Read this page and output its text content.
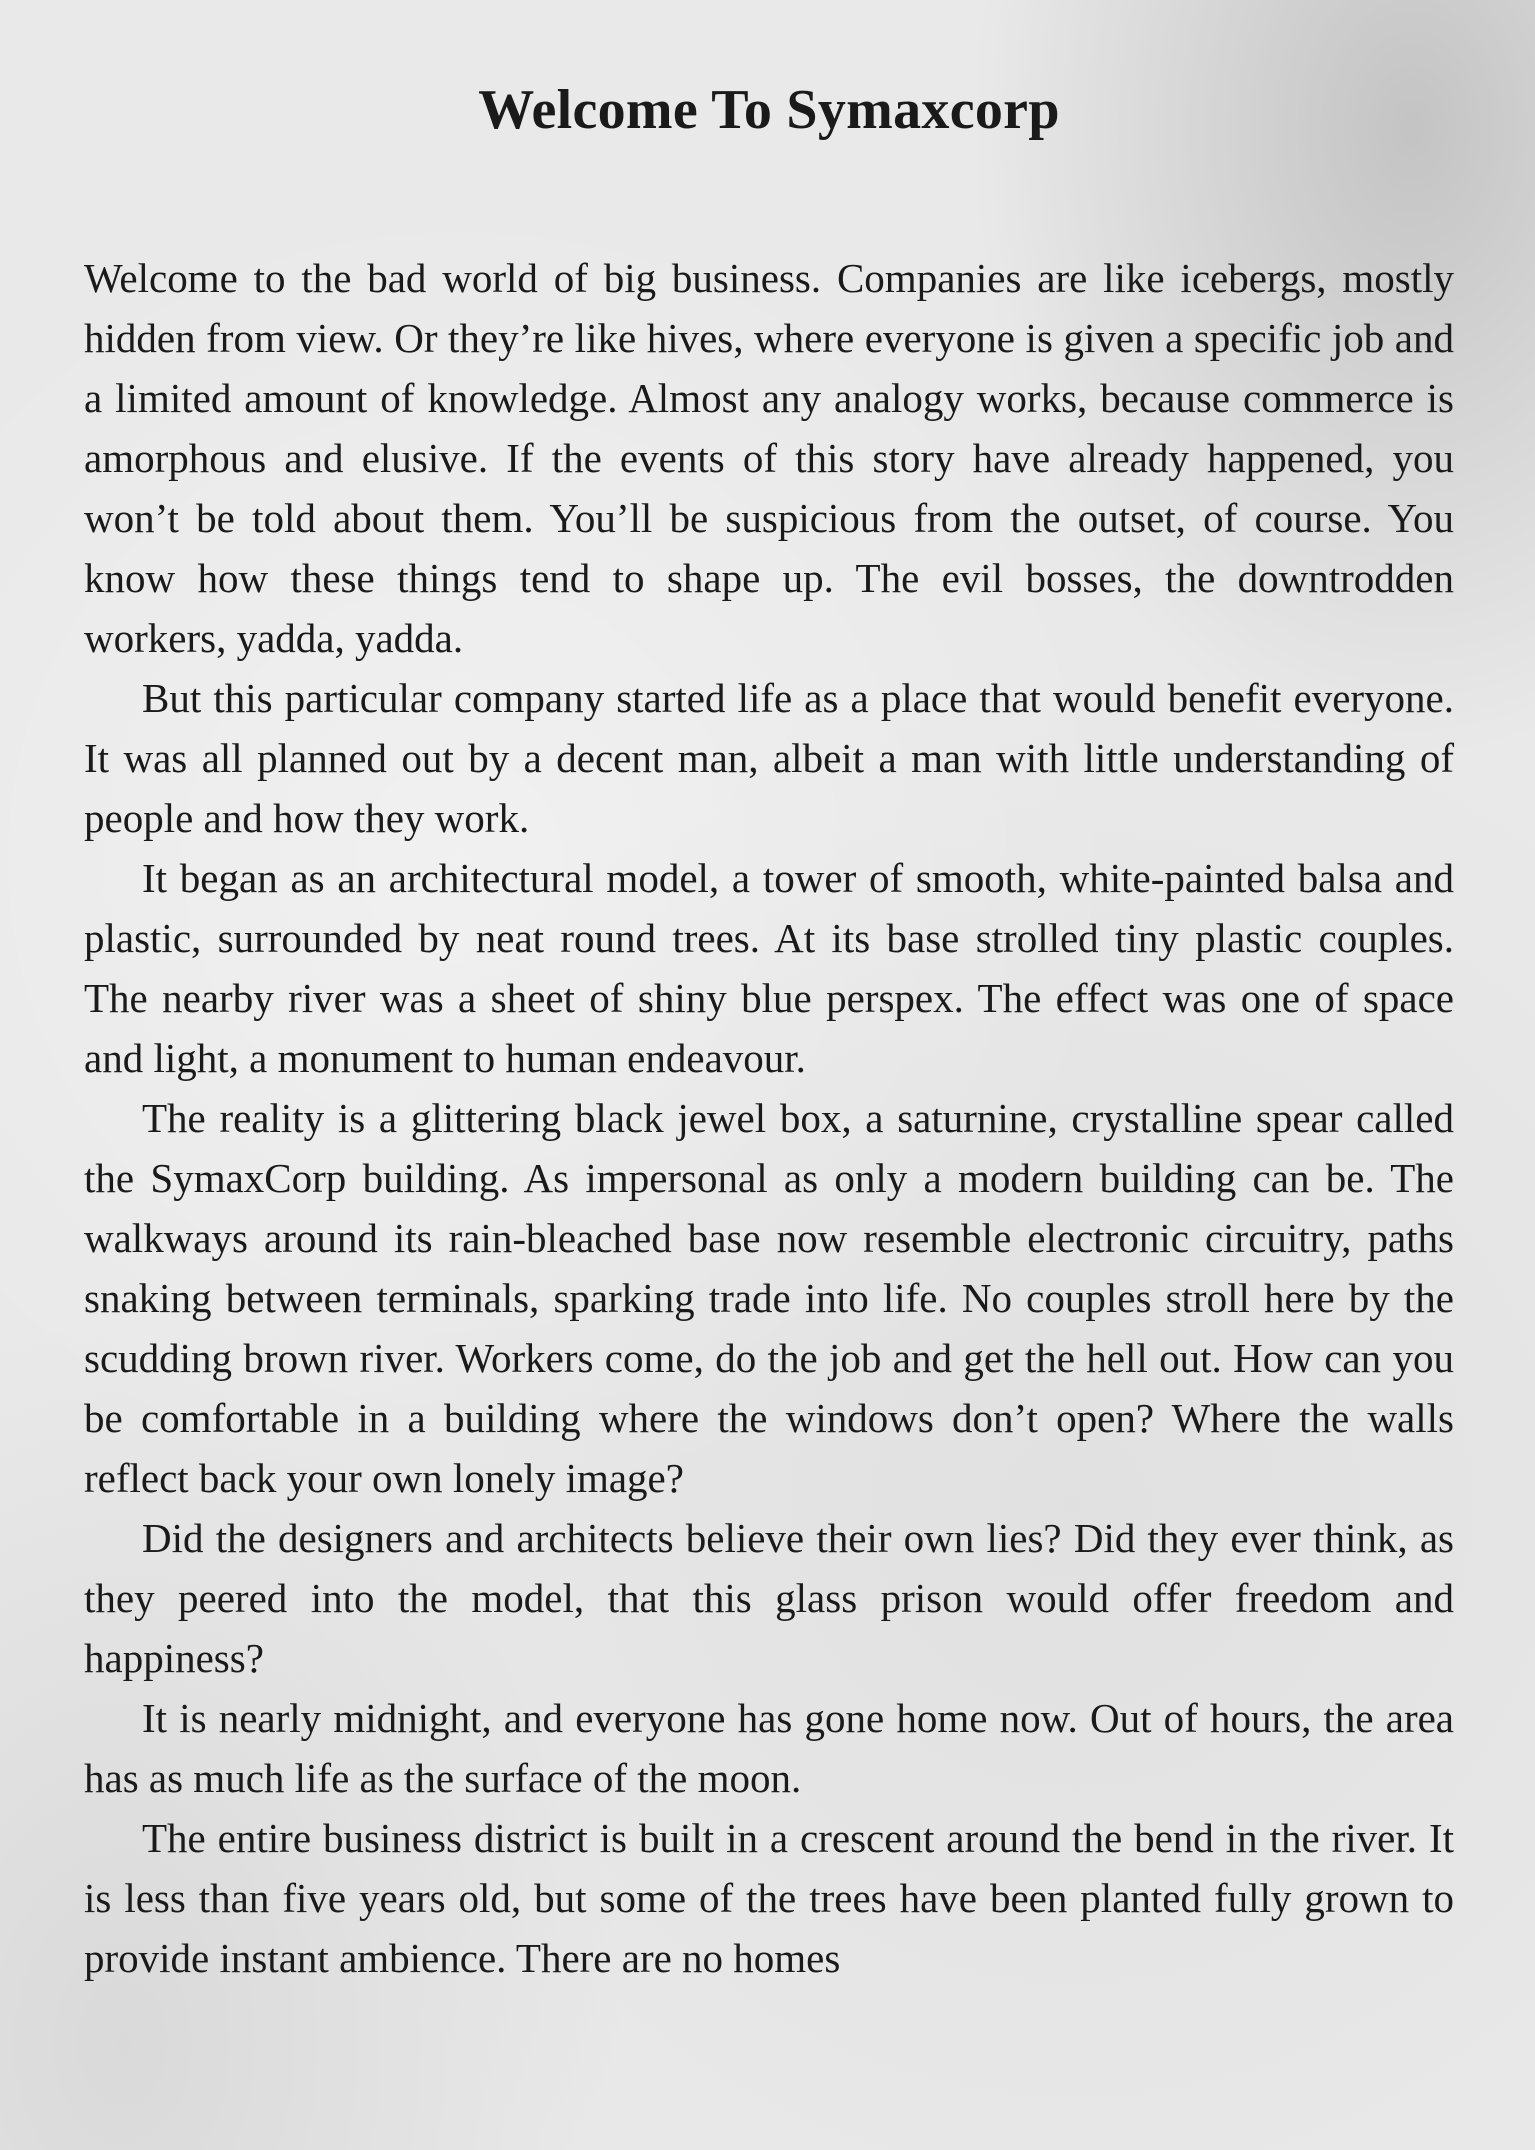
Welcome To Symaxcorp

Welcome to the bad world of big business. Companies are like icebergs, mostly hidden from view. Or they’re like hives, where everyone is given a specific job and a limited amount of knowledge. Almost any analogy works, because commerce is amorphous and elusive. If the events of this story have already happened, you won’t be told about them. You’ll be suspicious from the outset, of course. You know how these things tend to shape up. The evil bosses, the downtrodden workers, yadda, yadda.

But this particular company started life as a place that would benefit everyone. It was all planned out by a decent man, albeit a man with little understanding of people and how they work.

It began as an architectural model, a tower of smooth, white-painted balsa and plastic, surrounded by neat round trees. At its base strolled tiny plastic couples. The nearby river was a sheet of shiny blue perspex. The effect was one of space and light, a monument to human endeavour.

The reality is a glittering black jewel box, a saturnine, crystalline spear called the SymaxCorp building. As impersonal as only a modern building can be. The walkways around its rain-bleached base now resemble electronic circuitry, paths snaking between terminals, sparking trade into life. No couples stroll here by the scudding brown river. Workers come, do the job and get the hell out. How can you be comfortable in a building where the windows don’t open? Where the walls reflect back your own lonely image?

Did the designers and architects believe their own lies? Did they ever think, as they peered into the model, that this glass prison would offer freedom and happiness?

It is nearly midnight, and everyone has gone home now. Out of hours, the area has as much life as the surface of the moon.

The entire business district is built in a crescent around the bend in the river. It is less than five years old, but some of the trees have been planted fully grown to provide instant ambience. There are no homes
